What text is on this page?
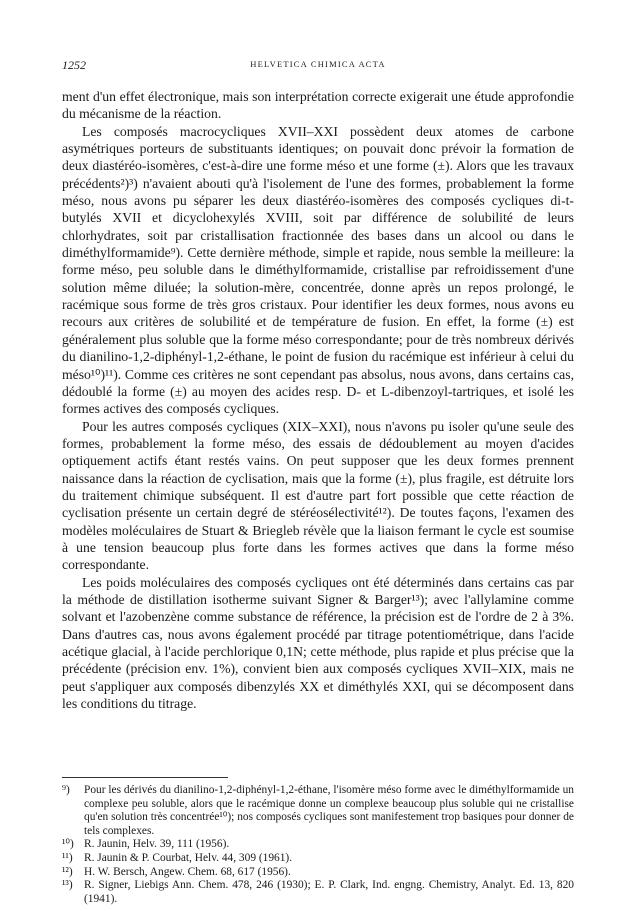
1252	HELVETICA CHIMICA ACTA

ment d'un effet électronique, mais son interprétation correcte exigerait une étude approfondie du mécanisme de la réaction.

Les composés macrocycliques XVII–XXI possèdent deux atomes de carbone asymétriques porteurs de substituants identiques; on pouvait donc prévoir la formation de deux diastéréo-isomères, c'est-à-dire une forme méso et une forme (±). Alors que les travaux précédents²)³) n'avaient abouti qu'à l'isolement de l'une des formes, probablement la forme méso, nous avons pu séparer les deux diastéréo-isomères des composés cycliques di-t-butylés XVII et dicyclohexylés XVIII, soit par différence de solubilité de leurs chlorhydrates, soit par cristallisation fractionnée des bases dans un alcool ou dans le diméthylformamide⁹). Cette dernière méthode, simple et rapide, nous semble la meilleure: la forme méso, peu soluble dans le diméthylformamide, cristallise par refroidissement d'une solution même diluée; la solution-mère, concentrée, donne après un repos prolongé, le racémique sous forme de très gros cristaux. Pour identifier les deux formes, nous avons eu recours aux critères de solubilité et de température de fusion. En effet, la forme (±) est généralement plus soluble que la forme méso correspondante; pour de très nombreux dérivés du dianilino-1,2-diphényl-1,2-éthane, le point de fusion du racémique est inférieur à celui du méso¹⁰)¹¹). Comme ces critères ne sont cependant pas absolus, nous avons, dans certains cas, dédoublé la forme (±) au moyen des acides resp. D- et L-dibenzoyl-tartriques, et isolé les formes actives des composés cycliques.

Pour les autres composés cycliques (XIX–XXI), nous n'avons pu isoler qu'une seule des formes, probablement la forme méso, des essais de dédoublement au moyen d'acides optiquement actifs étant restés vains. On peut supposer que les deux formes prennent naissance dans la réaction de cyclisation, mais que la forme (±), plus fragile, est détruite lors du traitement chimique subséquent. Il est d'autre part fort possible que cette réaction de cyclisation présente un certain degré de stéréosélectivité¹²). De toutes façons, l'examen des modèles moléculaires de Stuart & Briegleb révèle que la liaison fermant le cycle est soumise à une tension beaucoup plus forte dans les formes actives que dans la forme méso correspondante.

Les poids moléculaires des composés cycliques ont été déterminés dans certains cas par la méthode de distillation isotherme suivant Signer & Barger¹³); avec l'allylamine comme solvant et l'azobenzène comme substance de référence, la précision est de l'ordre de 2 à 3%. Dans d'autres cas, nous avons également procédé par titrage potentiométrique, dans l'acide acétique glacial, à l'acide perchlorique 0,1N; cette méthode, plus rapide et plus précise que la précédente (précision env. 1%), convient bien aux composés cycliques XVII–XIX, mais ne peut s'appliquer aux composés dibenzylés XX et diméthylés XXI, qui se décomposent dans les conditions du titrage.

⁹) Pour les dérivés du dianilino-1,2-diphényl-1,2-éthane, l'isomère méso forme avec le diméthylformamide un complexe peu soluble, alors que le racémique donne un complexe beaucoup plus soluble qui ne cristallise qu'en solution très concentrée¹⁰); nos composés cycliques sont manifestement trop basiques pour donner de tels complexes.

¹⁰) R. Jaunin, Helv. 39, 111 (1956).

¹¹) R. Jaunin & P. Courbat, Helv. 44, 309 (1961).

¹²) H. W. Bersch, Angew. Chem. 68, 617 (1956).

¹³) R. Signer, Liebigs Ann. Chem. 478, 246 (1930); E. P. Clark, Ind. engng. Chemistry, Analyt. Ed. 13, 820 (1941).
